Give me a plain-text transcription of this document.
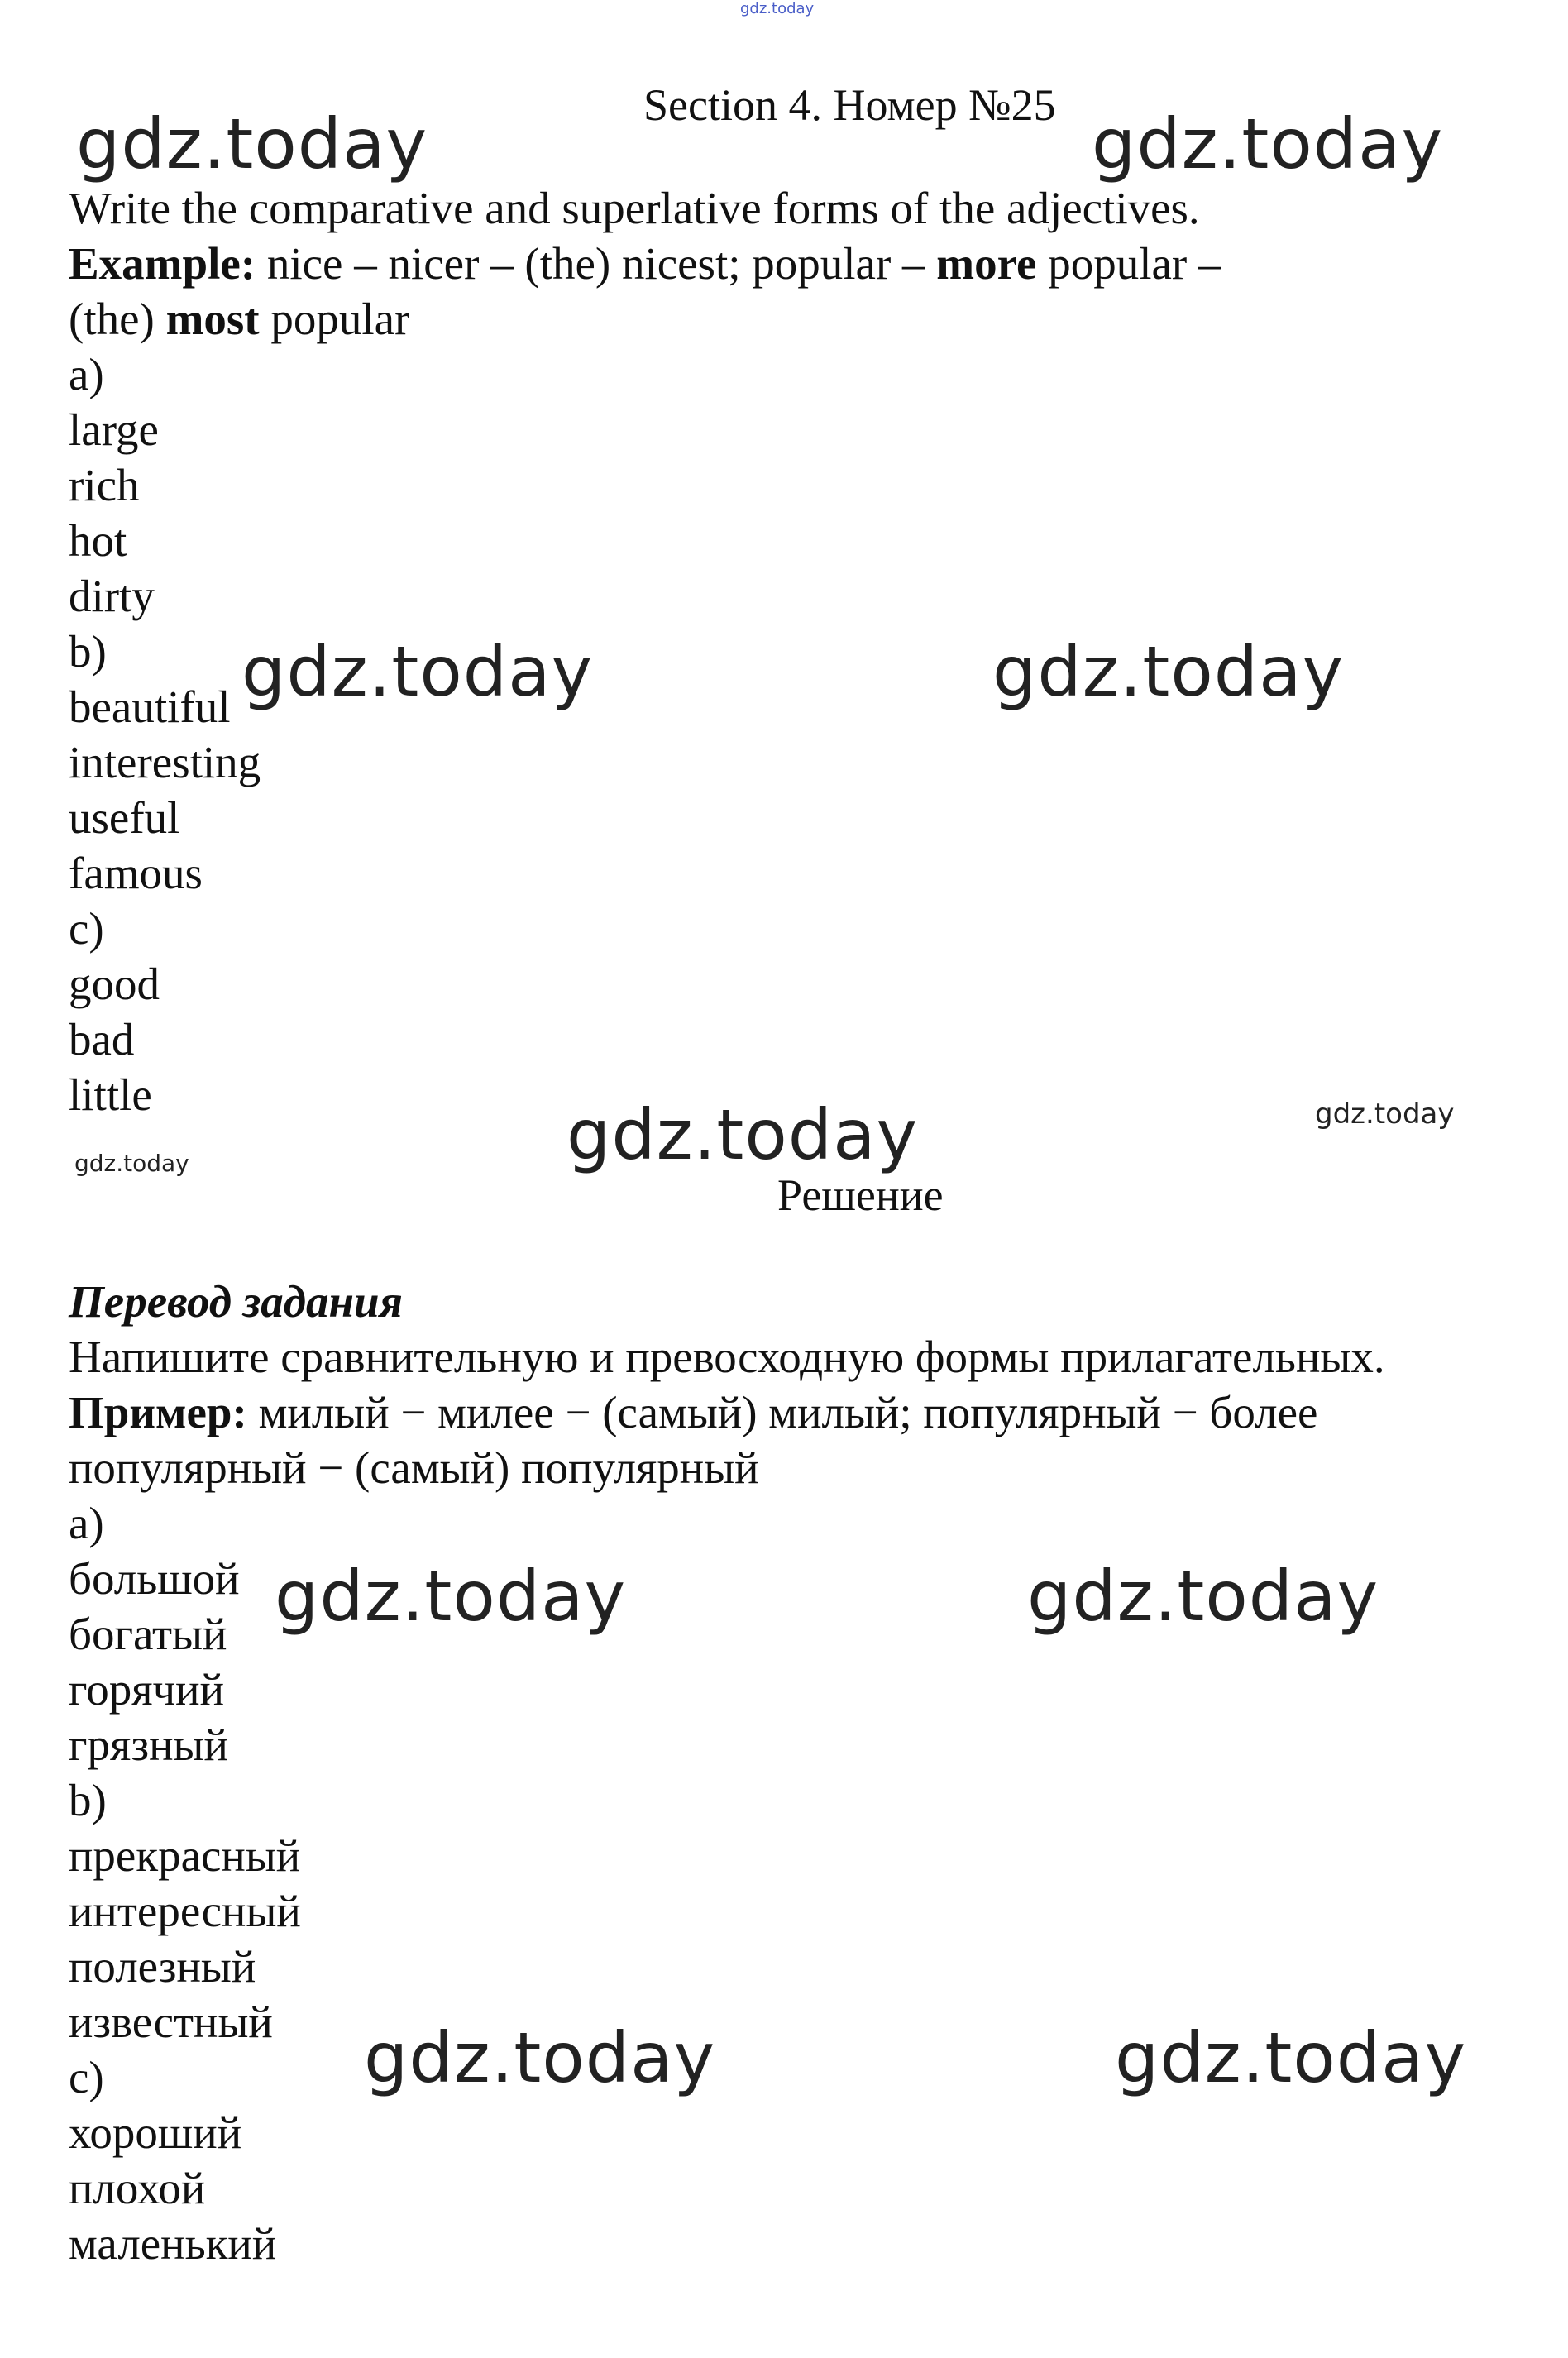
gdz.today
gdz.today	gdz.today
gdz.today	gdz.today
gdz.today	gdz.today
gdz.today
gdz.today	gdz.today
gdz.today	gdz.today
Section 4. Номер №25
Write the comparative and superlative forms of the adjectives.
Example: nice – nicer – (the) nicest; popular – more popular –
(the) most popular
a)
large
rich
hot
dirty
b)
beautiful
interesting
useful
famous
c)
good
bad
little
Решение
Перевод задания
Напишите сравнительную и превосходную формы прилагательных.
Пример: милый − милее − (самый) милый; популярный − более
популярный − (самый) популярный
a)
большой
богатый
горячий
грязный
b)
прекрасный
интересный
полезный
известный
c)
хороший
плохой
маленький
